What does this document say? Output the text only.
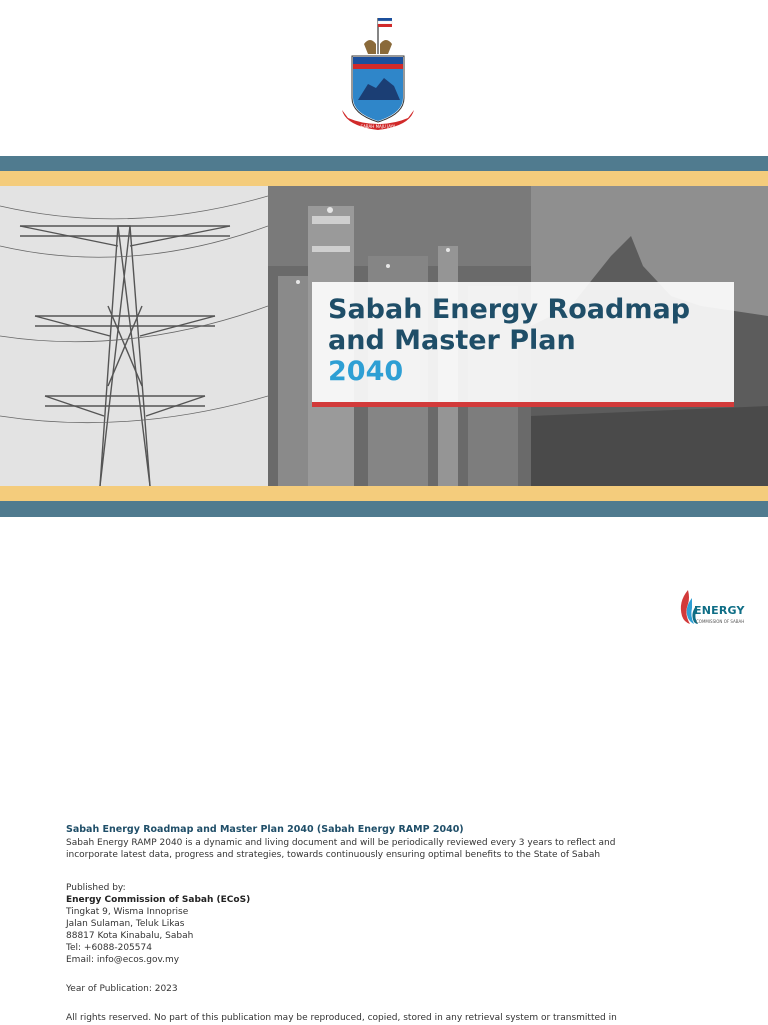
SABAH MAJU JAYA
Sabah Energy Roadmap
and Master Plan
2040
ENERGY
COMMISSION OF SABAH

Sabah Energy Roadmap and Master Plan 2040 (Sabah Energy RAMP 2040)

Sabah Energy RAMP 2040 is a dynamic and living document and will be periodically reviewed every 3 years to reflect and

incorporate latest data, progress and strategies, towards continuously ensuring optimal benefits to the State of Sabah

Published by:

Energy Commission of Sabah (ECoS)

Tingkat 9, Wisma Innoprise

Jalan Sulaman, Teluk Likas

88817 Kota Kinabalu, Sabah

Tel: +6088-205574

Email: info@ecos.gov.my

Year of Publication: 2023

All rights reserved. No part of this publication may be reproduced, copied, stored in any retrieval system or transmitted in
